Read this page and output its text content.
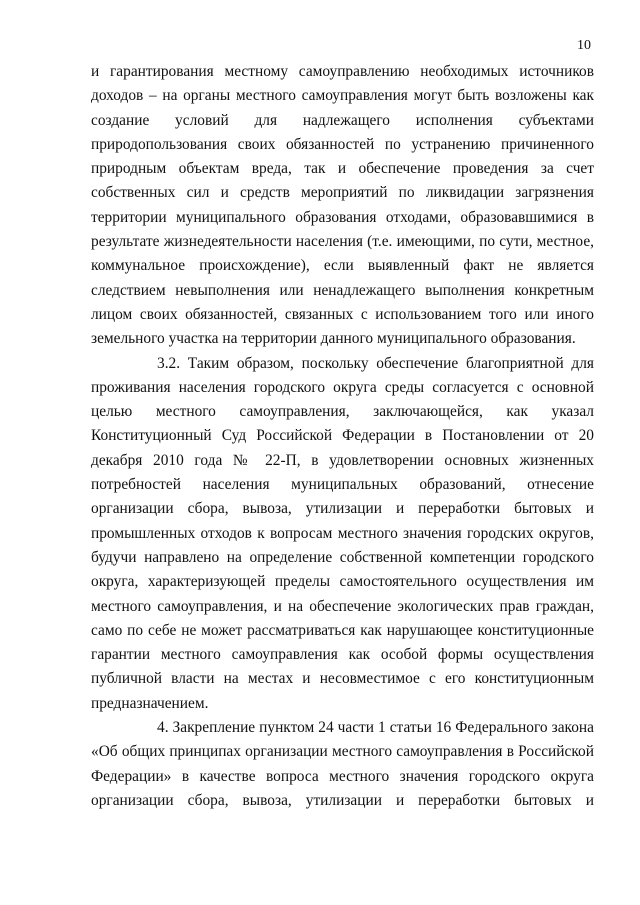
10

и гарантирования местному самоуправлению необходимых источников доходов – на органы местного самоуправления могут быть возложены как создание условий для надлежащего исполнения субъектами природопользования своих обязанностей по устранению причиненного природным объектам вреда, так и обеспечение проведения за счет собственных сил и средств мероприятий по ликвидации загрязнения территории муниципального образования отходами, образовавшимися в результате жизнедеятельности населения (т.е. имеющими, по сути, местное, коммунальное происхождение), если выявленный факт не является следствием невыполнения или ненадлежащего выполнения конкретным лицом своих обязанностей, связанных с использованием того или иного земельного участка на территории данного муниципального образования.

3.2. Таким образом, поскольку обеспечение благоприятной для проживания населения городского округа среды согласуется с основной целью местного самоуправления, заключающейся, как указал Конституционный Суд Российской Федерации в Постановлении от 20 декабря 2010 года № 22-П, в удовлетворении основных жизненных потребностей населения муниципальных образований, отнесение организации сбора, вывоза, утилизации и переработки бытовых и промышленных отходов к вопросам местного значения городских округов, будучи направлено на определение собственной компетенции городского округа, характеризующей пределы самостоятельного осуществления им местного самоуправления, и на обеспечение экологических прав граждан, само по себе не может рассматриваться как нарушающее конституционные гарантии местного самоуправления как особой формы осуществления публичной власти на местах и несовместимое с его конституционным предназначением.

4. Закрепление пунктом 24 части 1 статьи 16 Федерального закона «Об общих принципах организации местного самоуправления в Российской Федерации» в качестве вопроса местного значения городского округа организации сбора, вывоза, утилизации и переработки бытовых и
